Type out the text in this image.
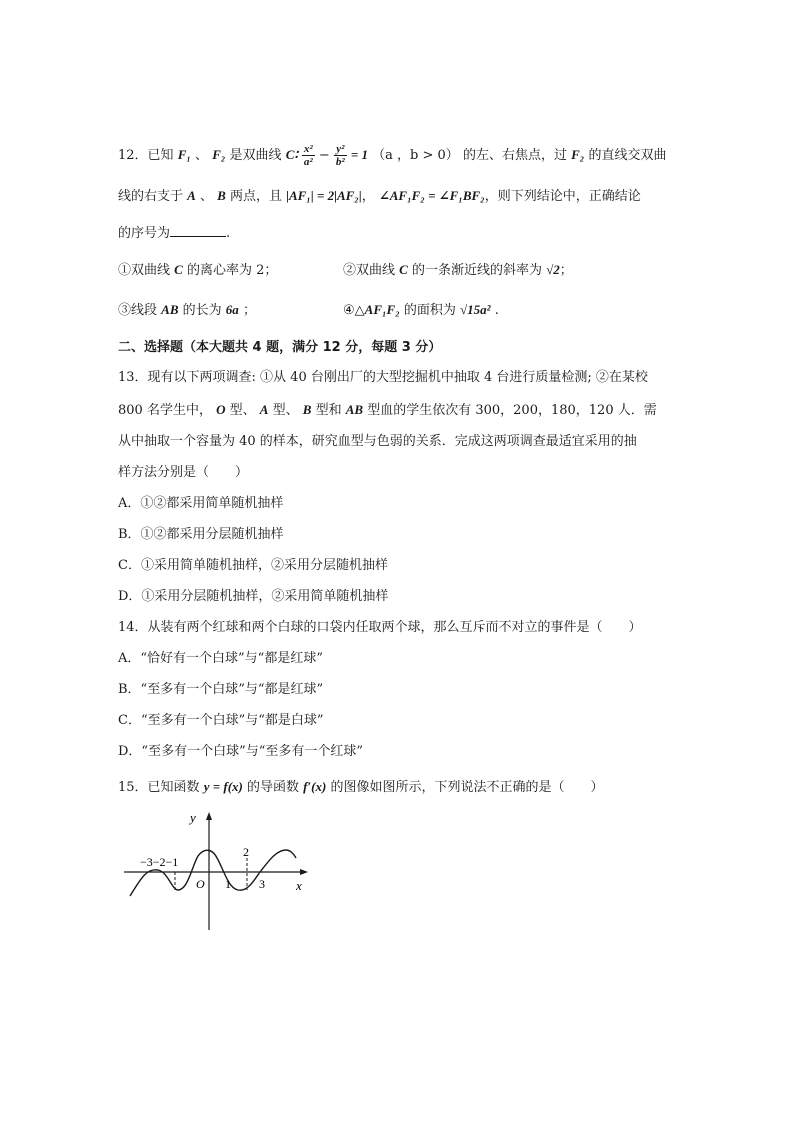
12．已知 F₁ 、 F₂ 是双曲线 C∶ $\frac{\text{x²}}{\text{a²}} - \frac{\text{y²}}{\text{b²}} = 1$ （a ，b > 0） 的左、右焦点，过 F₂ 的直线交双曲
线的右支于 A 、 B 两点，且 |AF₁| = 2|AF₂|， ∠AF₁F₂ = ∠F₁BF₂，则下列结论中，正确结论
的序号为	.
①双曲线 C 的离心率为 2；	②双曲线 C 的一条渐近线的斜率为 √2；
③线段 AB 的长为 6a ；	④△AF₁F₂ 的面积为 √15a² .
二、选择题（本大题共 4 题，满分 12 分，每题 3 分）
13．现有以下两项调查: ①从 40 台刚出厂的大型挖掘机中抽取 4 台进行质量检测; ②在某校
800 名学生中， O 型、 A 型、 B 型和 AB 型血的学生依次有 300，200，180，120 人．需
从中抽取一个容量为 40 的样本，研究血型与色弱的关系．完成这两项调查最适宜采用的抽
样方法分别是（　　）
A．①②都采用简单随机抽样
B．①②都采用分层随机抽样
C．①采用简单随机抽样，②采用分层随机抽样
D．①采用分层随机抽样，②采用简单随机抽样
14．从装有两个红球和两个白球的口袋内任取两个球，那么互斥而不对立的事件是（　　）
A．“恰好有一个白球”与“都是红球”
B．“至多有一个白球”与“都是红球”
C．“至多有一个白球”与“都是白球”
D．“至多有一个白球”与“至多有一个红球”
15．已知函数 y = f(x) 的导函数 f′(x) 的图像如图所示，下列说法不正确的是（　　）
y
x
O
−3−2−1
1
2
3
